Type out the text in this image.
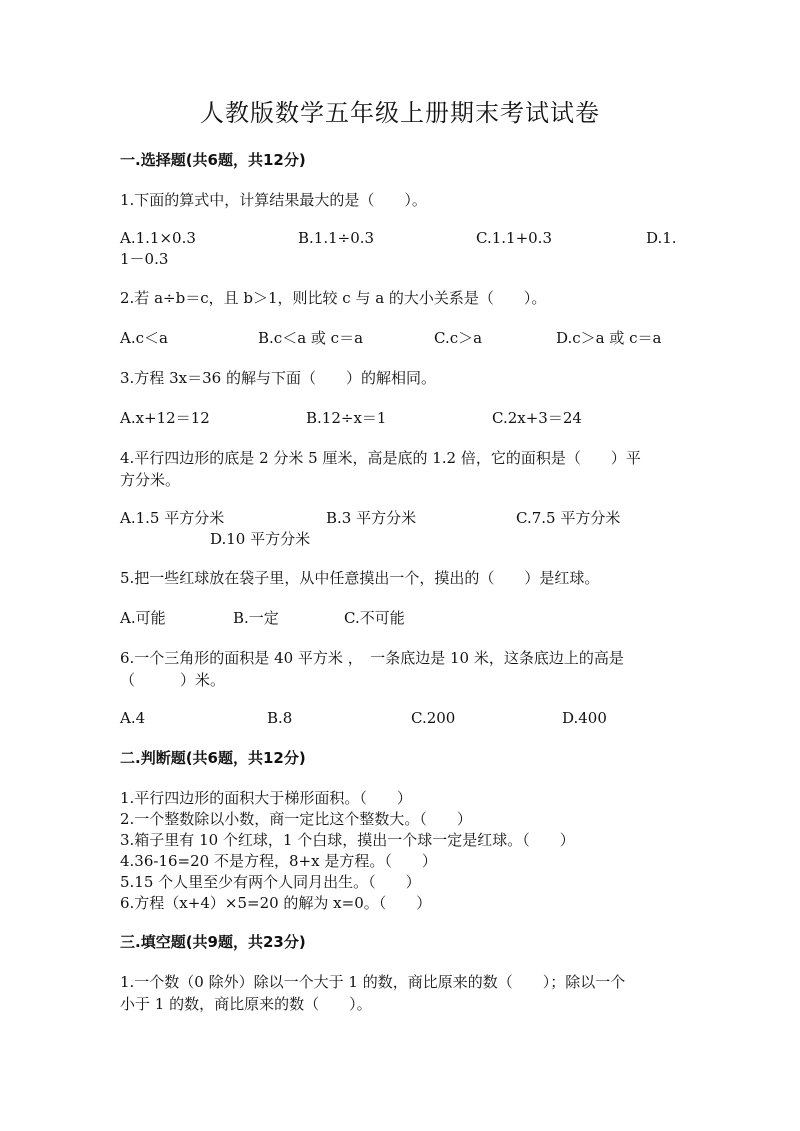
人教版数学五年级上册期末考试试卷
一.选择题(共6题，共12分)
1.下面的算式中，计算结果最大的是（　　）。
A.1.1×0.3	B.1.1÷0.3	C.1.1+0.3	D.1.
1－0.3
2.若 a÷b＝c，且 b＞1，则比较 c 与 a 的大小关系是（　　）。
A.c＜a	B.c＜a 或 c＝a	C.c＞a	D.c＞a 或 c＝a
3.方程 3x＝36 的解与下面（　　）的解相同。
A.x+12＝12	B.12÷x＝1	C.2x+3＝24
4.平行四边形的底是 2 分米 5 厘米，高是底的 1.2 倍，它的面积是（　　）平
方分米。
A.1.5 平方分米	B.3 平方分米	C.7.5 平方分米
D.10 平方分米
5.把一些红球放在袋子里，从中任意摸出一个，摸出的（　　）是红球。
A.可能	B.一定	C.不可能
6.一个三角形的面积是 40 平方米 ，　一条底边是 10 米，这条底边上的高是
（　　　）米。
A.4	B.8	C.200	D.400
二.判断题(共6题，共12分)
1.平行四边形的面积大于梯形面积。（　　）
2.一个整数除以小数，商一定比这个整数大。（　　）
3.箱子里有 10 个红球，1 个白球，摸出一个球一定是红球。（　　）
4.36-16=20 不是方程，8+x 是方程。（　　）
5.15 个人里至少有两个人同月出生。（　　）
6.方程（x+4）×5=20 的解为 x=0。（　　）
三.填空题(共9题，共23分)
1.一个数（0 除外）除以一个大于 1 的数，商比原来的数（　　）；除以一个
小于 1 的数，商比原来的数（　　）。
